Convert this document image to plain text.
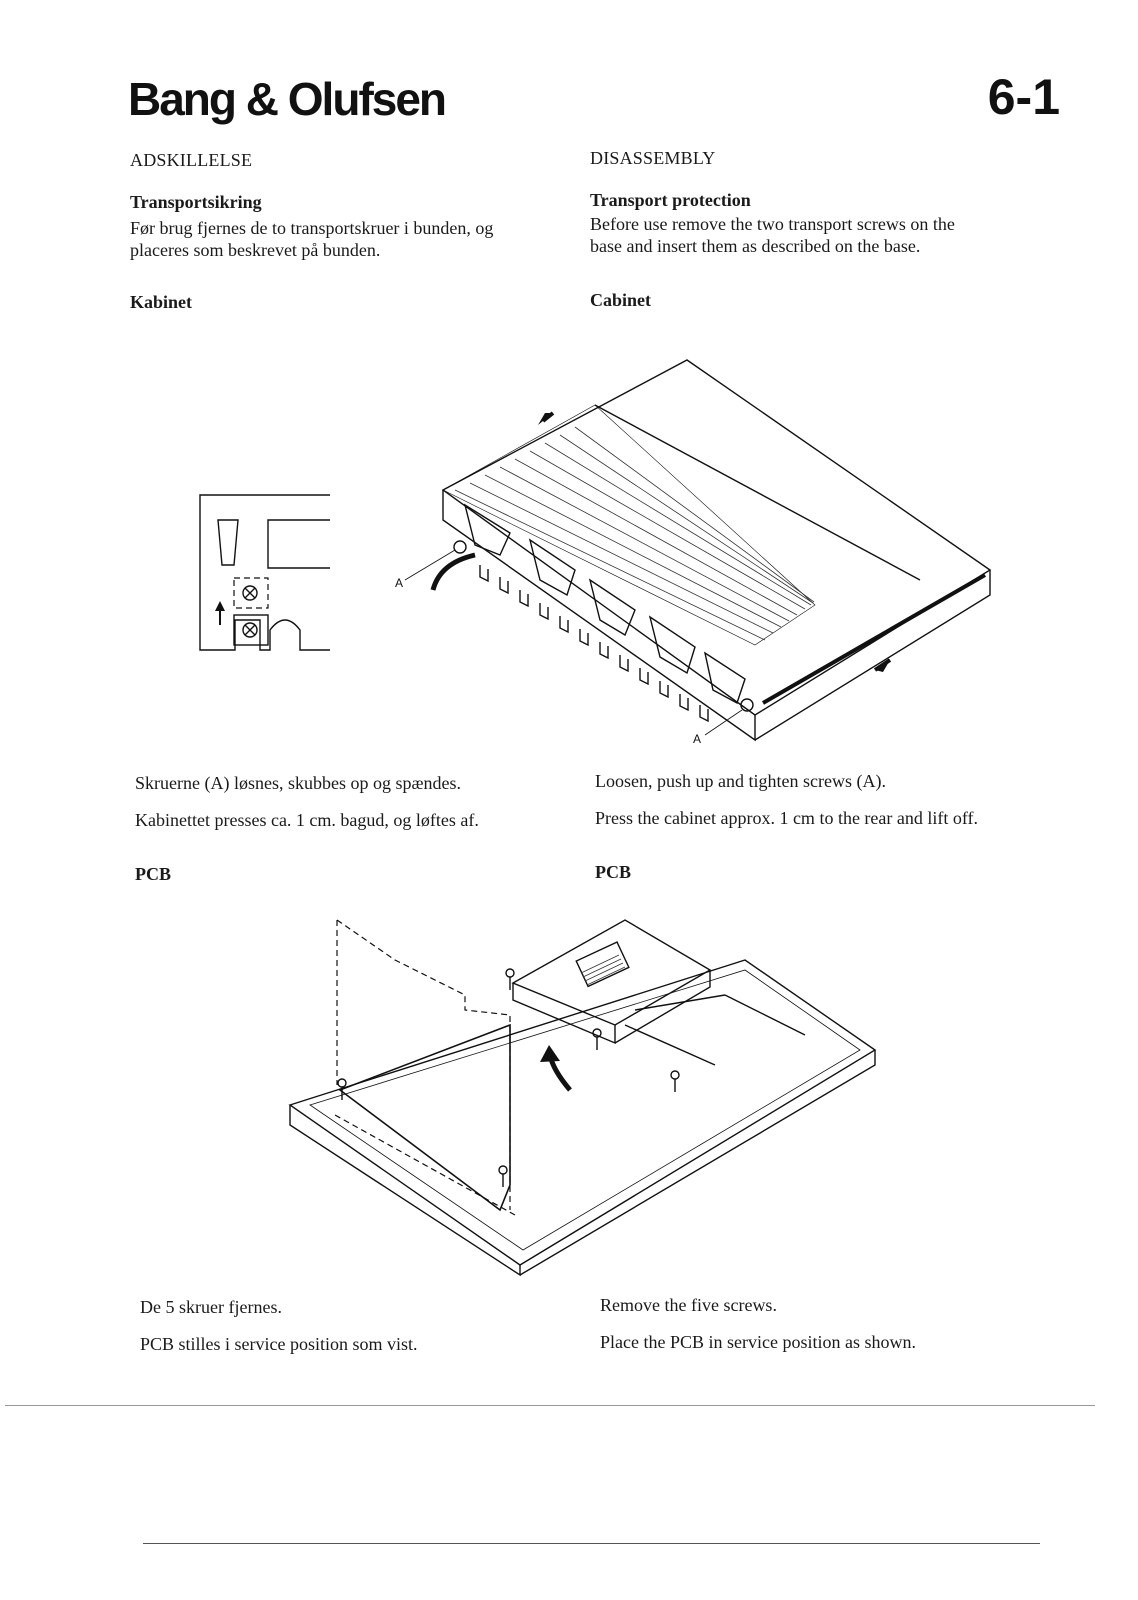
Bang & Olufsen	6-1
ADSKILLELSE	DISASSEMBLY
Transportsikring
Før brug fjernes de to transportskruer i bunden, og
placeres som beskrevet på bunden.
Transport protection
Before use remove the two transport screws on the
base and insert them as described on the base.
Kabinet	Cabinet
A
A
Skruerne (A) løsnes, skubbes op og spændes.
Kabinettet presses ca. 1 cm. bagud, og løftes af.
Loosen, push up and tighten screws (A).
Press the cabinet approx. 1 cm to the rear and lift off.
PCB	PCB
De 5 skruer fjernes.
PCB stilles i service position som vist.
Remove the five screws.
Place the PCB in service position as shown.
